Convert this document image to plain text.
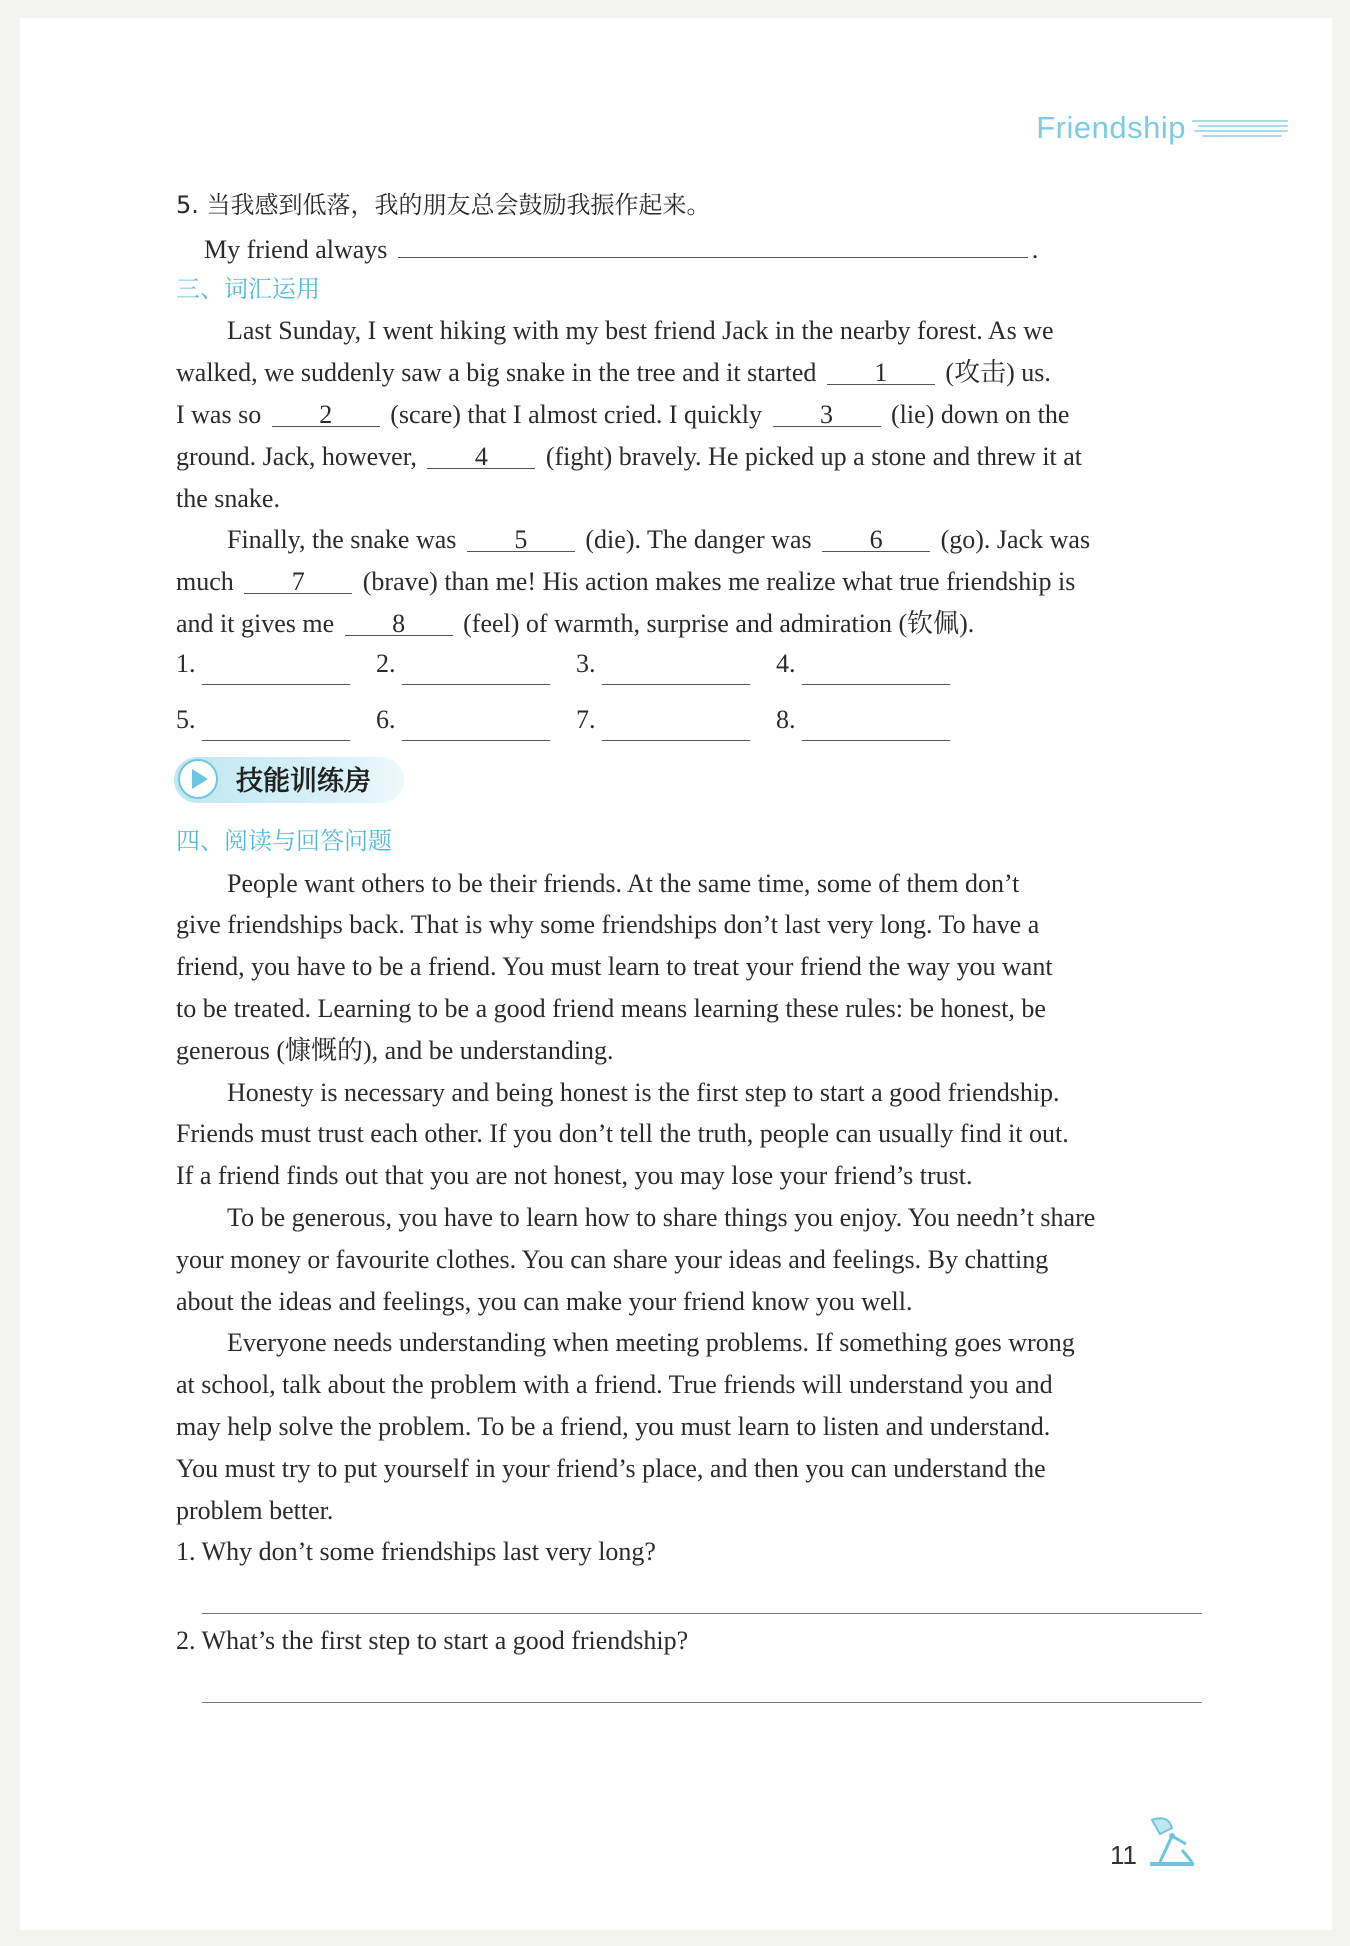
Friendship
5. 当我感到低落，我的朋友总会鼓励我振作起来。
My friend always	.
三、词汇运用
Last Sunday, I went hiking with my best friend Jack in the nearby forest. As we
walked, we suddenly saw a big snake in the tree and it started 1 (攻击) us.
I was so 2 (scare) that I almost cried. I quickly 3 (lie) down on the
ground. Jack, however, 4 (fight) bravely. He picked up a stone and threw it at
the snake.
Finally, the snake was 5 (die). The danger was 6 (go). Jack was
much 7 (brave) than me! His action makes me realize what true friendship is
and it gives me 8 (feel) of warmth, surprise and admiration (钦佩).
1.	2.	3.	4.
5.	6.	7.	8.
技能训练房
四、阅读与回答问题
People want others to be their friends. At the same time, some of them don’t
give friendships back. That is why some friendships don’t last very long. To have a
friend, you have to be a friend. You must learn to treat your friend the way you want
to be treated. Learning to be a good friend means learning these rules: be honest, be
generous (慷慨的), and be understanding.
Honesty is necessary and being honest is the first step to start a good friendship.
Friends must trust each other. If you don’t tell the truth, people can usually find it out.
If a friend finds out that you are not honest, you may lose your friend’s trust.
To be generous, you have to learn how to share things you enjoy. You needn’t share
your money or favourite clothes. You can share your ideas and feelings. By chatting
about the ideas and feelings, you can make your friend know you well.
Everyone needs understanding when meeting problems. If something goes wrong
at school, talk about the problem with a friend. True friends will understand you and
may help solve the problem. To be a friend, you must learn to listen and understand.
You must try to put yourself in your friend’s place, and then you can understand the
problem better.
1. Why don’t some friendships last very long?
2. What’s the first step to start a good friendship?
11
